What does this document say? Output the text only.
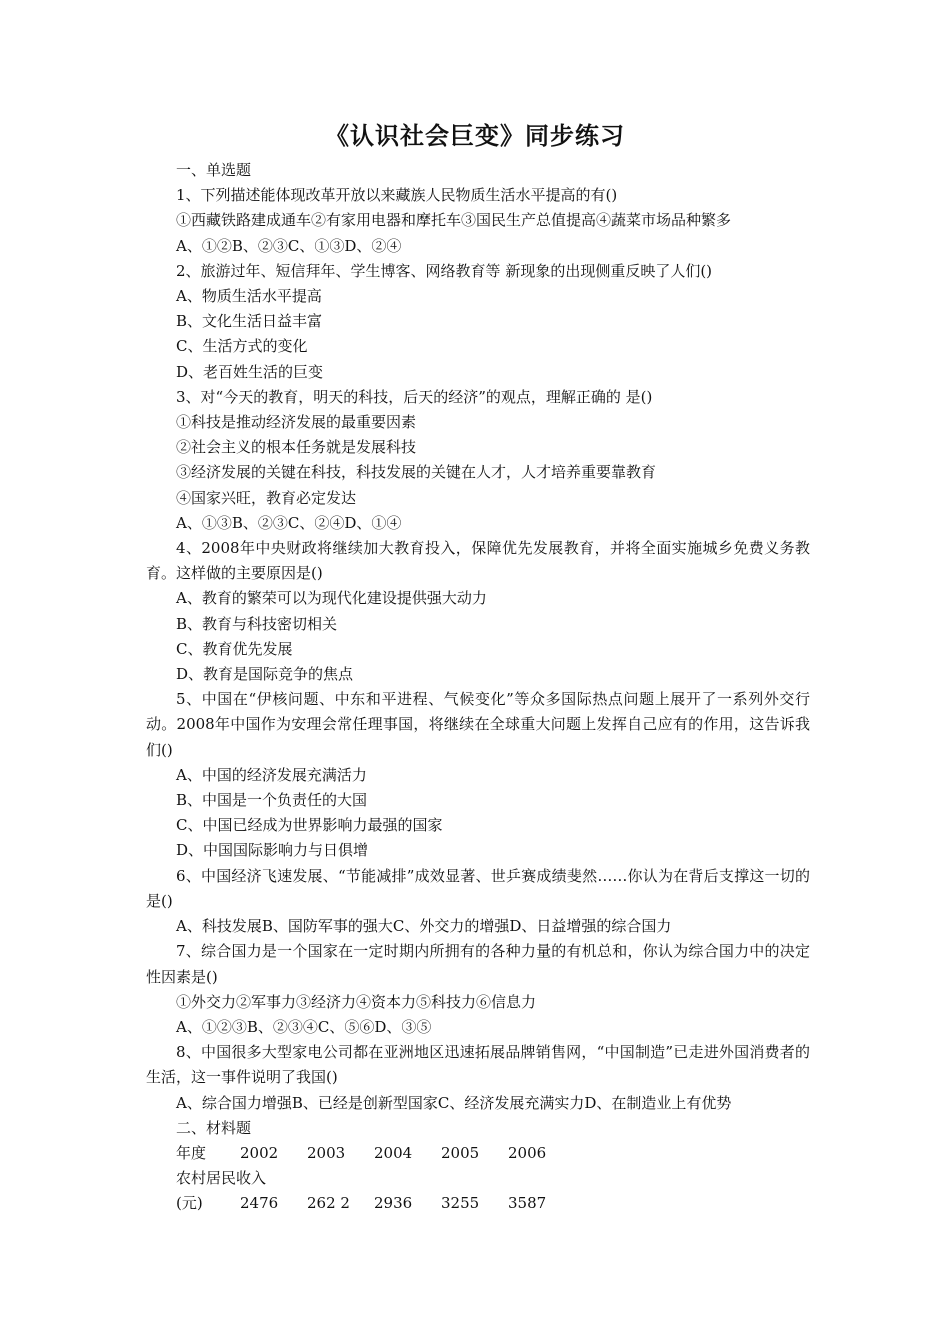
《认识社会巨变》同步练习

一、单选题

1、下列描述能体现改革开放以来藏族人民物质生活水平提高的有()

①西藏铁路建成通车②有家用电器和摩托车③国民生产总值提高④蔬菜市场品种繁多

A、①②B、②③C、①③D、②④

2、旅游过年、短信拜年、学生博客、网络教育等 新现象的出现侧重反映了人们()

A、物质生活水平提高

B、文化生活日益丰富

C、生活方式的变化

D、老百姓生活的巨变

3、对“今天的教育，明天的科技，后天的经济”的观点，理解正确的 是()

①科技是推动经济发展的最重要因素

②社会主义的根本任务就是发展科技

③经济发展的关键在科技，科技发展的关键在人才，人才培养重要靠教育

④国家兴旺，教育必定发达

A、①③B、②③C、②④D、①④

4、2008年中央财政将继续加大教育投入，保障优先发展教育，并将全面实施城乡免费义务教育。这样做的主要原因是()

A、教育的繁荣可以为现代化建设提供强大动力

B、教育与科技密切相关

C、教育优先发展

D、教育是国际竞争的焦点

5、中国在“伊核问题、中东和平进程、气候变化”等众多国际热点问题上展开了一系列外交行动。2008年中国作为安理会常任理事国，将继续在全球重大问题上发挥自己应有的作用，这告诉我们()

A、中国的经济发展充满活力

B、中国是一个负责任的大国

C、中国已经成为世界影响力最强的国家

D、中国国际影响力与日俱增

6、中国经济飞速发展、“节能减排”成效显著、世乒赛成绩斐然……你认为在背后支撑这一切的是()

A、科技发展B、国防军事的强大C、外交力的增强D、日益增强的综合国力

7、综合国力是一个国家在一定时期内所拥有的各种力量的有机总和，你认为综合国力中的决定性因素是()

①外交力②军事力③经济力④资本力⑤科技力⑥信息力

A、①②③B、②③④C、⑤⑥D、③⑤

8、中国很多大型家电公司都在亚洲地区迅速拓展品牌销售网，“中国制造”已走进外国消费者的生活，这一事件说明了我国()

A、综合国力增强B、已经是创新型国家C、经济发展充满实力D、在制造业上有优势

二、材料题

年度	2002	2003	2004	2005	2006
农村居民收入
(元)	2476	262 2	2936	3255	3587
